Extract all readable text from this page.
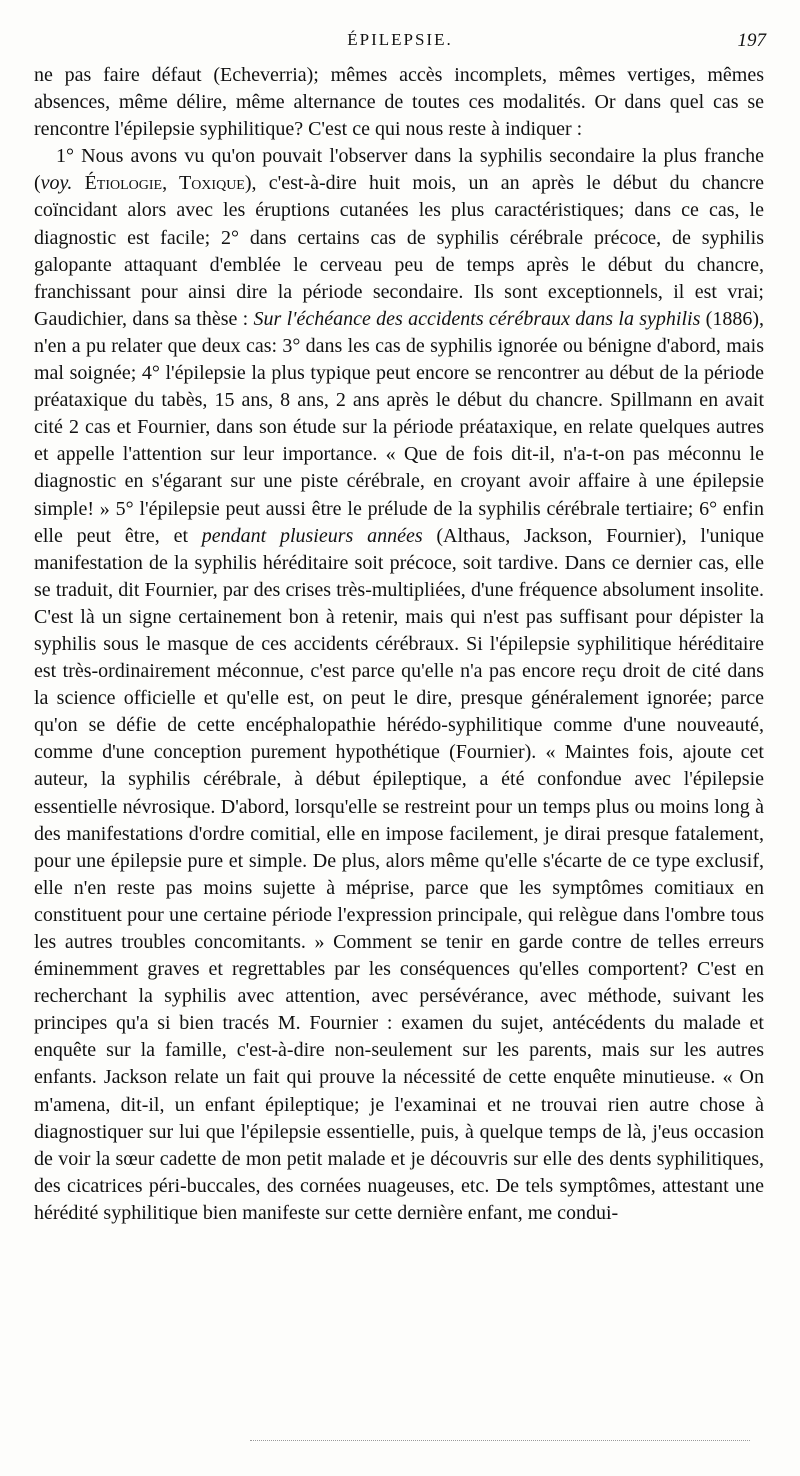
ÉPILEPSIE.	197

ne pas faire défaut (Echeverria); mêmes accès incomplets, mêmes vertiges, mêmes absences, même délire, même alternance de toutes ces modalités. Or dans quel cas se rencontre l'épilepsie syphilitique? C'est ce qui nous reste à indiquer :

1° Nous avons vu qu'on pouvait l'observer dans la syphilis secondaire la plus franche (voy. Étiologie, Toxique), c'est-à-dire huit mois, un an après le début du chancre coïncidant alors avec les éruptions cutanées les plus caractéristiques; dans ce cas, le diagnostic est facile; 2° dans certains cas de syphilis cérébrale précoce, de syphilis galopante attaquant d'emblée le cerveau peu de temps après le début du chancre, franchissant pour ainsi dire la période secondaire. Ils sont exceptionnels, il est vrai; Gaudichier, dans sa thèse : Sur l'échéance des accidents cérébraux dans la syphilis (1886), n'en a pu relater que deux cas: 3° dans les cas de syphilis ignorée ou bénigne d'abord, mais mal soignée; 4° l'épilepsie la plus typique peut encore se rencontrer au début de la période préataxique du tabès, 15 ans, 8 ans, 2 ans après le début du chancre. Spillmann en avait cité 2 cas et Fournier, dans son étude sur la période préataxique, en relate quelques autres et appelle l'attention sur leur importance. « Que de fois dit-il, n'a-t-on pas méconnu le diagnostic en s'égarant sur une piste cérébrale, en croyant avoir affaire à une épilepsie simple! » 5° l'épilepsie peut aussi être le prélude de la syphilis cérébrale tertiaire; 6° enfin elle peut être, et pendant plusieurs années (Althaus, Jackson, Fournier), l'unique manifestation de la syphilis héréditaire soit précoce, soit tardive. Dans ce dernier cas, elle se traduit, dit Fournier, par des crises très-multipliées, d'une fréquence absolument insolite. C'est là un signe certainement bon à retenir, mais qui n'est pas suffisant pour dépister la syphilis sous le masque de ces accidents cérébraux. Si l'épilepsie syphilitique héréditaire est très-ordinairement méconnue, c'est parce qu'elle n'a pas encore reçu droit de cité dans la science officielle et qu'elle est, on peut le dire, presque généralement ignorée; parce qu'on se défie de cette encéphalopathie hérédo-syphilitique comme d'une nouveauté, comme d'une conception purement hypothétique (Fournier). « Maintes fois, ajoute cet auteur, la syphilis cérébrale, à début épileptique, a été confondue avec l'épilepsie essentielle névrosique. D'abord, lorsqu'elle se restreint pour un temps plus ou moins long à des manifestations d'ordre comitial, elle en impose facilement, je dirai presque fatalement, pour une épilepsie pure et simple. De plus, alors même qu'elle s'écarte de ce type exclusif, elle n'en reste pas moins sujette à méprise, parce que les symptômes comitiaux en constituent pour une certaine période l'expression principale, qui relègue dans l'ombre tous les autres troubles concomitants. » Comment se tenir en garde contre de telles erreurs éminemment graves et regrettables par les conséquences qu'elles comportent? C'est en recherchant la syphilis avec attention, avec persévérance, avec méthode, suivant les principes qu'a si bien tracés M. Fournier : examen du sujet, antécédents du malade et enquête sur la famille, c'est-à-dire non-seulement sur les parents, mais sur les autres enfants. Jackson relate un fait qui prouve la nécessité de cette enquête minutieuse. « On m'amena, dit-il, un enfant épileptique; je l'examinai et ne trouvai rien autre chose à diagnostiquer sur lui que l'épilepsie essentielle, puis, à quelque temps de là, j'eus occasion de voir la sœur cadette de mon petit malade et je découvris sur elle des dents syphilitiques, des cicatrices péri-buccales, des cornées nuageuses, etc. De tels symptômes, attestant une hérédité syphilitique bien manifeste sur cette dernière enfant, me condui-
